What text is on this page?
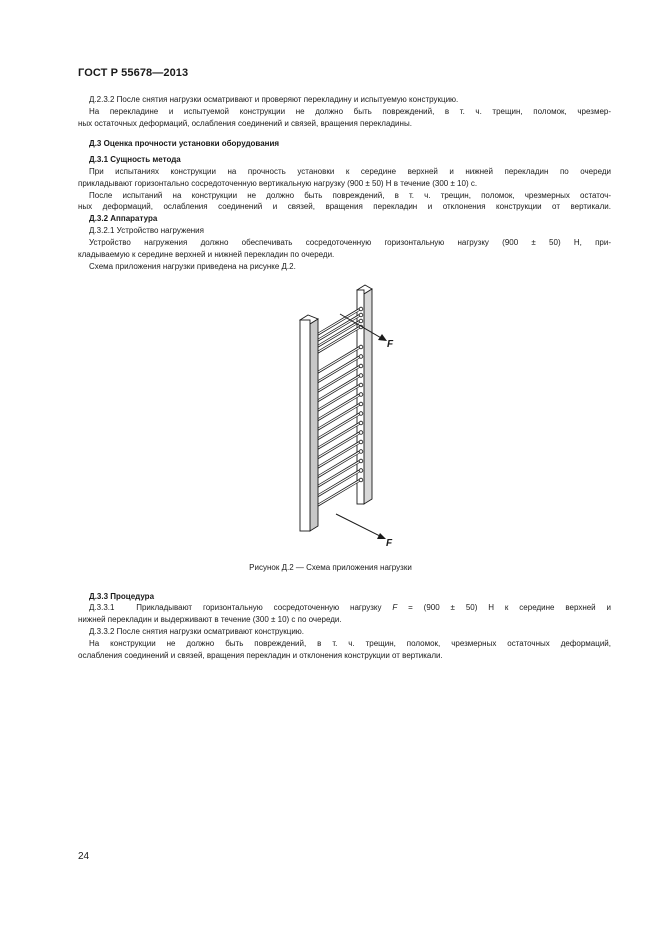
ГОСТ Р 55678—2013
Д.2.3.2 После снятия нагрузки осматривают и проверяют перекладину и испытуемую конструкцию.
На перекладине и испытуемой конструкции не должно быть повреждений, в т. ч. трещин, поломок, чрезмер-
ных остаточных деформаций, ослабления соединений и связей, вращения перекладины.
Д.3 Оценка прочности установки оборудования
Д.3.1 Сущность метода
При испытаниях конструкции на прочность установки к середине верхней и нижней перекладин по очереди
прикладывают горизонтально сосредоточенную вертикальную нагрузку (900 ± 50) Н в течение (300 ± 10) с.
После испытаний на конструкции не должно быть повреждений, в т. ч. трещин, поломок, чрезмерных остаточ-
ных деформаций, ослабления соединений и связей, вращения перекладин и отклонения конструкции от вертикали.
Д.3.2 Аппаратура
Д.3.2.1 Устройство нагружения
Устройство нагружения должно обеспечивать сосредоточенную горизонтальную нагрузку (900 ± 50) Н, при-
кладываемую к середине верхней и нижней перекладин по очереди.
Схема приложения нагрузки приведена на рисунке Д.2.
F
F
Рисунок Д.2 — Схема приложения нагрузки
Д.3.3 Процедура
Д.3.3.1  Прикладывают горизонтальную сосредоточенную нагрузку F = (900 ± 50) Н к середине верхней и
нижней перекладин и выдерживают в течение (300 ± 10) с по очереди.
Д.3.3.2 После снятия нагрузки осматривают конструкцию.
На конструкции не должно быть повреждений, в т. ч. трещин, поломок, чрезмерных остаточных деформаций,
ослабления соединений и связей, вращения перекладин и отклонения конструкции от вертикали.
24
